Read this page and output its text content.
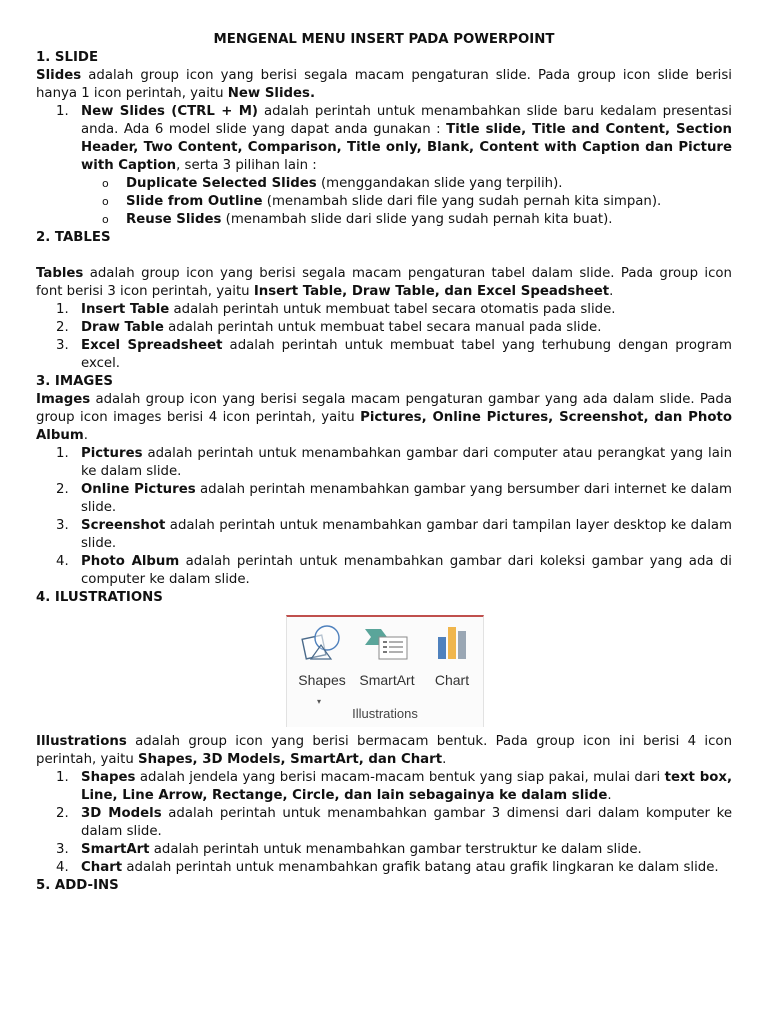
MENGENAL MENU INSERT PADA POWERPOINT
1. SLIDE

Slides adalah group icon yang berisi segala macam pengaturan slide. Pada group icon slide berisi hanya 1 icon perintah, yaitu New Slides.

1. New Slides (CTRL + M) adalah perintah untuk menambahkan slide baru kedalam presentasi anda. Ada 6 model slide yang dapat anda gunakan : Title slide, Title and Content, Section Header, Two Content, Comparison, Title only, Blank, Content with Caption dan Picture with Caption, serta 3 pilihan lain :
o Duplicate Selected Slides (menggandakan slide yang terpilih).
o Slide from Outline (menambah slide dari file yang sudah pernah kita simpan).
o Reuse Slides (menambah slide dari slide yang sudah pernah kita buat).
2. TABLES

Tables adalah group icon yang berisi segala macam pengaturan tabel dalam slide. Pada group icon font berisi 3 icon perintah, yaitu Insert Table, Draw Table, dan Excel Speadsheet.

1. Insert Table adalah perintah untuk membuat tabel secara otomatis pada slide.
2. Draw Table adalah perintah untuk membuat tabel secara manual pada slide.
3. Excel Spreadsheet adalah perintah untuk membuat tabel yang terhubung dengan program excel.
3. IMAGES

Images adalah group icon yang berisi segala macam pengaturan gambar yang ada dalam slide. Pada group icon images berisi 4 icon perintah, yaitu Pictures, Online Pictures, Screenshot, dan Photo Album.

1. Pictures adalah perintah untuk menambahkan gambar dari computer atau perangkat yang lain ke dalam slide.
2. Online Pictures adalah perintah menambahkan gambar yang bersumber dari internet ke dalam slide.
3. Screenshot adalah perintah untuk menambahkan gambar dari tampilan layer desktop ke dalam slide.
4. Photo Album adalah perintah untuk menambahkan gambar dari koleksi gambar yang ada di computer ke dalam slide.
4. ILUSTRATIONS
Shapes
▾
SmartArt	Chart
Illustrations

Illustrations adalah group icon yang berisi bermacam bentuk. Pada group icon ini berisi 4 icon perintah, yaitu Shapes, 3D Models, SmartArt, dan Chart.

1. Shapes adalah jendela yang berisi macam-macam bentuk yang siap pakai, mulai dari text box, Line, Line Arrow, Rectange, Circle, dan lain sebagainya ke dalam slide.
2. 3D Models adalah perintah untuk menambahkan gambar 3 dimensi dari dalam komputer ke dalam slide.
3. SmartArt adalah perintah untuk menambahkan gambar terstruktur ke dalam slide.
4. Chart adalah perintah untuk menambahkan grafik batang atau grafik lingkaran ke dalam slide.
5. ADD-INS
